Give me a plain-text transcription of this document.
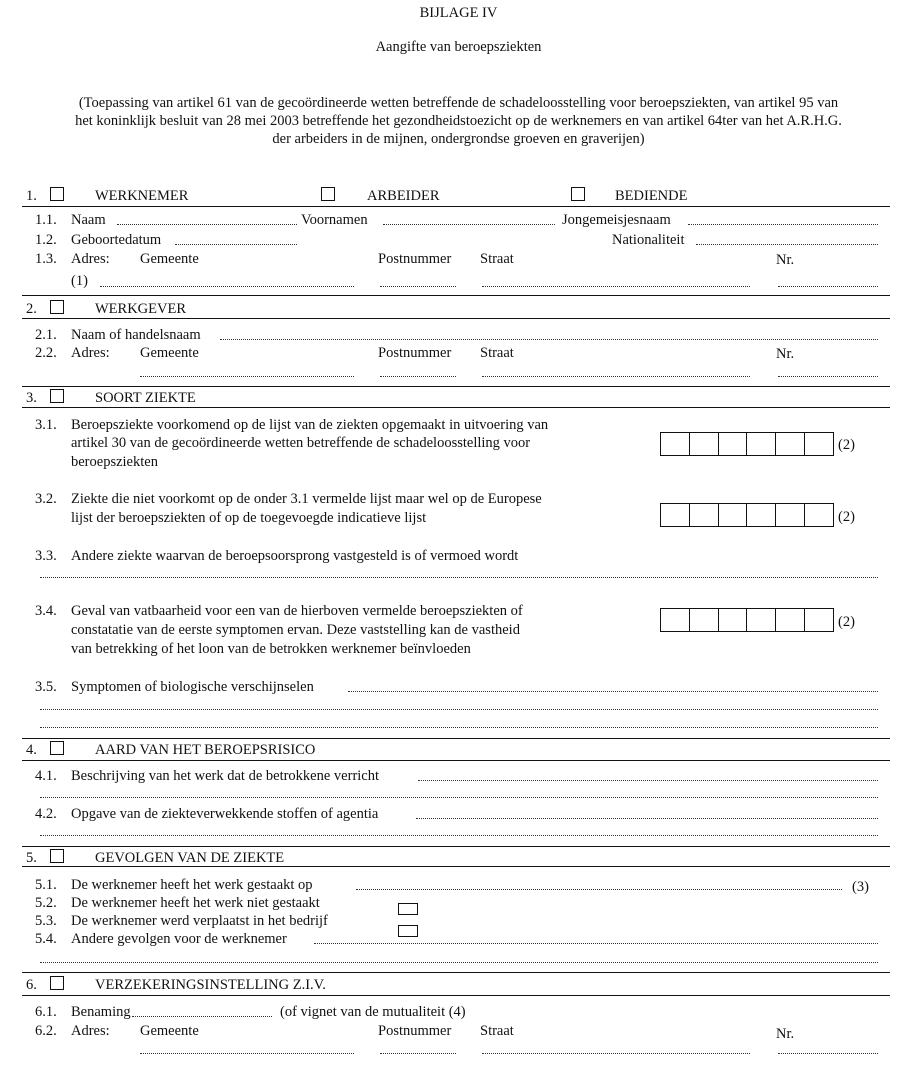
BIJLAGE IV
Aangifte van beroepsziekten
(Toepassing van artikel 61 van de gecoördineerde wetten betreffende de schadeloosstelling voor beroepsziekten, van artikel 95 van
het koninklijk besluit van 28 mei 2003 betreffende het gezondheidstoezicht op de werknemers en van artikel 64ter van het A.R.H.G.
der arbeiders in de mijnen, ondergrondse groeven en graverijen)
1.	WERKNEMER	ARBEIDER	BEDIENDE
1.1. Naam	Voornamen	Jongemeisjesnaam
1.2. Geboortedatum	Nationaliteit
1.3. Adres: Gemeente	Postnummer Straat	Nr.
(1)
2.	WERKGEVER
2.1. Naam of handelsnaam
2.2. Adres: Gemeente	Postnummer Straat	Nr.
3.	SOORT ZIEKTE
3.1. Beroepsziekte voorkomend op de lijst van de ziekten opgemaakt in uitvoering van
artikel 30 van de gecoördineerde wetten betreffende de schadeloosstelling voor
beroepsziekten
(2)
3.2. Ziekte die niet voorkomt op de onder 3.1 vermelde lijst maar wel op de Europese
lijst der beroepsziekten of op de toegevoegde indicatieve lijst	(2)
3.3. Andere ziekte waarvan de beroepsoorsprong vastgesteld is of vermoed wordt
3.4. Geval van vatbaarheid voor een van de hierboven vermelde beroepsziekten of
constatatie van de eerste symptomen ervan. Deze vaststelling kan de vastheid
van betrekking of het loon van de betrokken werknemer beïnvloeden
(2)
3.5. Symptomen of biologische verschijnselen
4.	AARD VAN HET BEROEPSRISICO
4.1. Beschrijving van het werk dat de betrokkene verricht
4.2. Opgave van de ziekteverwekkende stoffen of agentia
5.	GEVOLGEN VAN DE ZIEKTE
5.1. De werknemer heeft het werk gestaakt op	(3)
5.2. De werknemer heeft het werk niet gestaakt
5.3. De werknemer werd verplaatst in het bedrijf
5.4. Andere gevolgen voor de werknemer
6.	VERZEKERINGSINSTELLING Z.I.V.
6.1. Benaming	(of vignet van de mutualiteit (4)
6.2. Adres: Gemeente	Postnummer Straat	Nr.
